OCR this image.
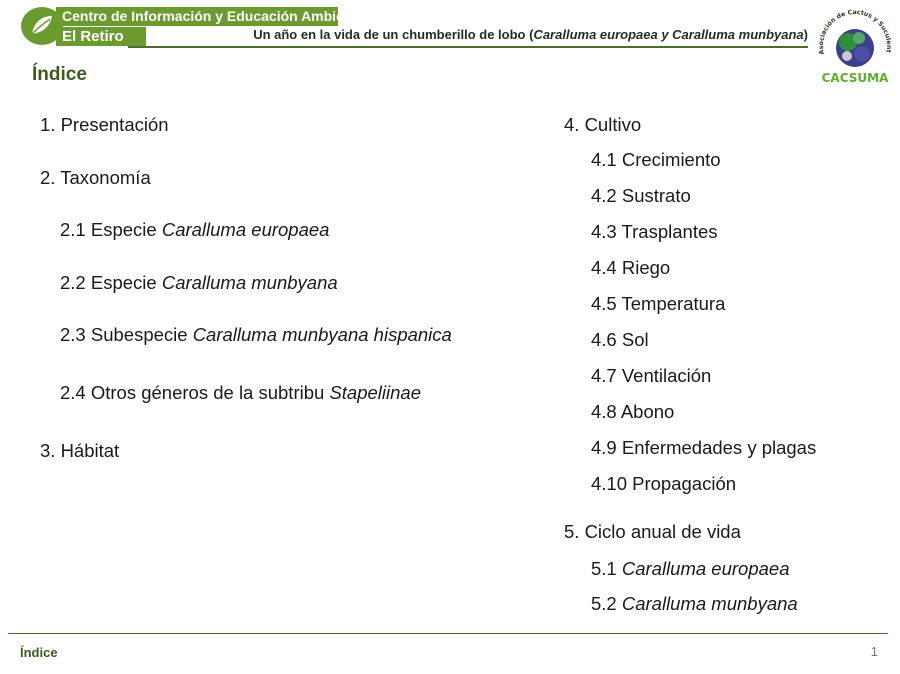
Centro de Información y Educación Ambiental
El Retiro	Un año en la vida de un chumberillo de lobo (Caralluma europaea y Caralluma munbyana)
Asociación de Cactus y Suculent
CACSUMA
Índice
1. Presentación
2. Taxonomía
2.1 Especie Caralluma europaea
2.2 Especie Caralluma munbyana
2.3 Subespecie Caralluma munbyana hispanica
2.4 Otros géneros de la subtribu Stapeliinae
3. Hábitat
4. Cultivo
4.1 Crecimiento
4.2 Sustrato
4.3 Trasplantes
4.4 Riego
4.5 Temperatura
4.6 Sol
4.7 Ventilación
4.8 Abono
4.9 Enfermedades y plagas
4.10 Propagación
5. Ciclo anual de vida
5.1 Caralluma europaea
5.2 Caralluma munbyana
Índice	1
